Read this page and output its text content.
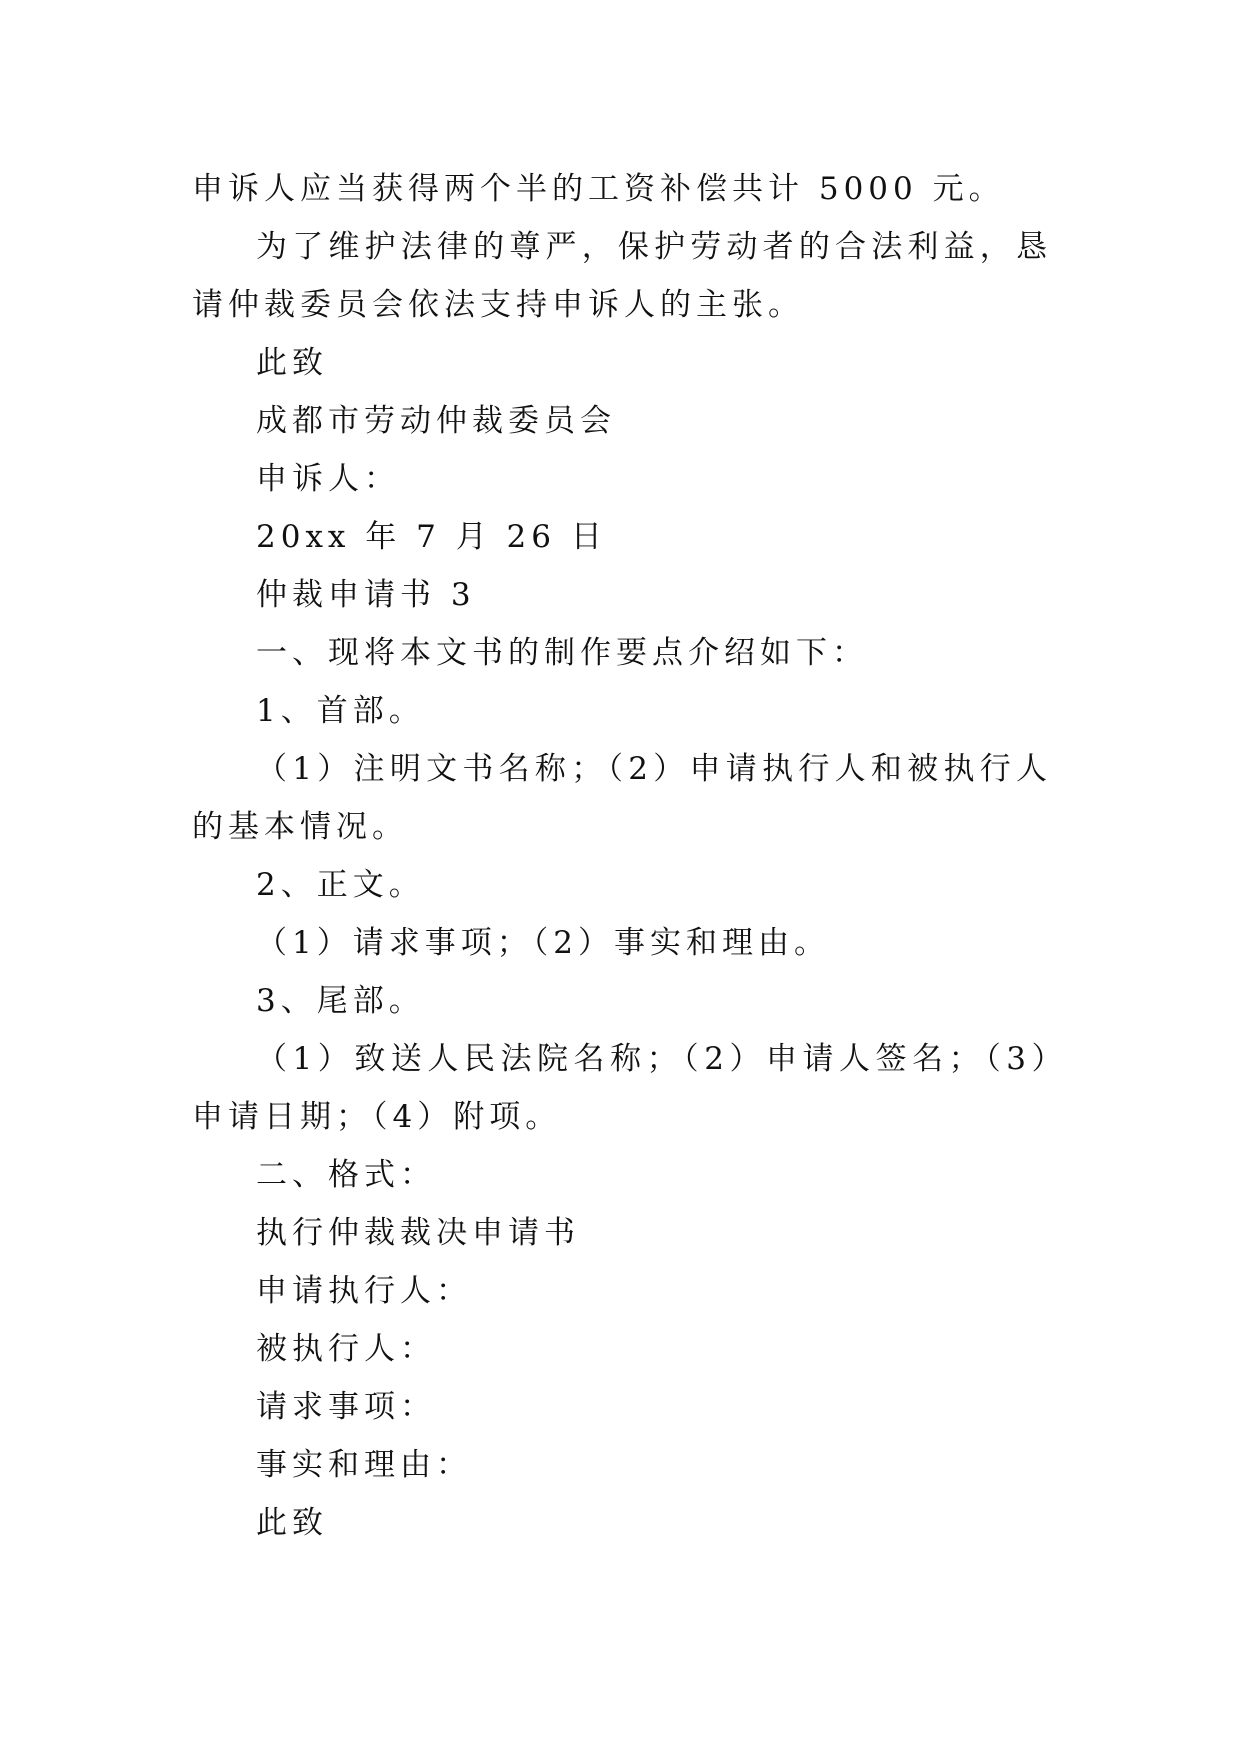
申诉人应当获得两个半的工资补偿共计 5000 元。

为了维护法律的尊严，保护劳动者的合法利益，恳请仲裁委员会依法支持申诉人的主张。

此致

成都市劳动仲裁委员会

申诉人：

20xx 年 7 月 26 日

仲裁申请书 3

一、现将本文书的制作要点介绍如下：

1、首部。

（1）注明文书名称；（2）申请执行人和被执行人的基本情况。

2、正文。

（1）请求事项；（2）事实和理由。

3、尾部。

（1）致送人民法院名称；（2）申请人签名；（3）申请日期；（4）附项。

二、格式：

执行仲裁裁决申请书

申请执行人：

被执行人：

请求事项：

事实和理由：

此致
